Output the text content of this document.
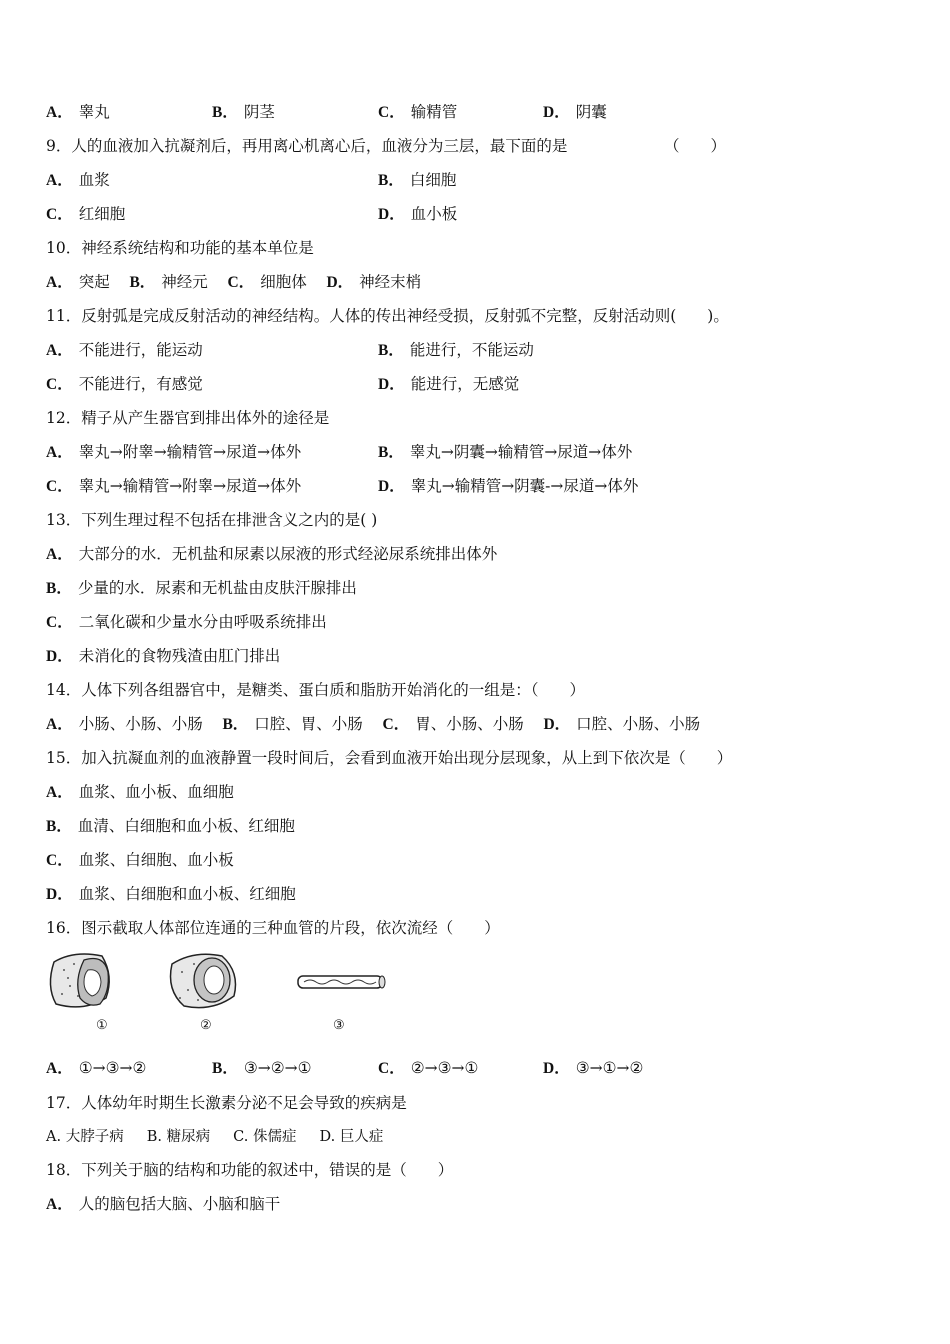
A． 睾丸	B． 阴茎	C． 输精管	D． 阴囊
9．人的血液加入抗凝剂后，再用离心机离心后，血液分为三层，最下面的是	（　　）
A． 血浆	B． 白细胞
C． 红细胞	D． 血小板
10．神经系统结构和功能的基本单位是
A． 突起 B． 神经元 C． 细胞体 D． 神经末梢
11．反射弧是完成反射活动的神经结构。人体的传出神经受损，反射弧不完整，反射活动则(　　)。
A． 不能进行，能运动	B． 能进行，不能运动
C． 不能进行，有感觉	D． 能进行，无感觉
12．精子从产生器官到排出体外的途径是
A． 睾丸→附睾→输精管→尿道→体外	B． 睾丸→阴囊→输精管→尿道→体外
C． 睾丸→输精管→附睾→尿道→体外	D． 睾丸→输精管→阴囊-→尿道→体外
13．下列生理过程不包括在排泄含义之内的是( )
A． 大部分的水．无机盐和尿素以尿液的形式经泌尿系统排出体外
B． 少量的水．尿素和无机盐由皮肤汗腺排出
C． 二氧化碳和少量水分由呼吸系统排出
D． 未消化的食物残渣由肛门排出
14．人体下列各组器官中，是糖类、蛋白质和脂肪开始消化的一组是：（　　）
A． 小肠、小肠、小肠 B． 口腔、胃、小肠 C． 胃、小肠、小肠 D． 口腔、小肠、小肠
15．加入抗凝血剂的血液静置一段时间后，会看到血液开始出现分层现象，从上到下依次是（　　）
A． 血浆、血小板、血细胞
B． 血清、白细胞和血小板、红细胞
C． 血浆、白细胞、血小板
D． 血浆、白细胞和血小板、红细胞
16．图示截取人体部位连通的三种血管的片段，依次流经（　　）
①	②	③
A． ①→③→②	B． ③→②→①	C． ②→③→①	D． ③→①→②
17．人体幼年时期生长激素分泌不足会导致的疾病是
A. 大脖子病 B. 糖尿病 C. 侏儒症 D. 巨人症
18．下列关于脑的结构和功能的叙述中，错误的是（　　）
A． 人的脑包括大脑、小脑和脑干
